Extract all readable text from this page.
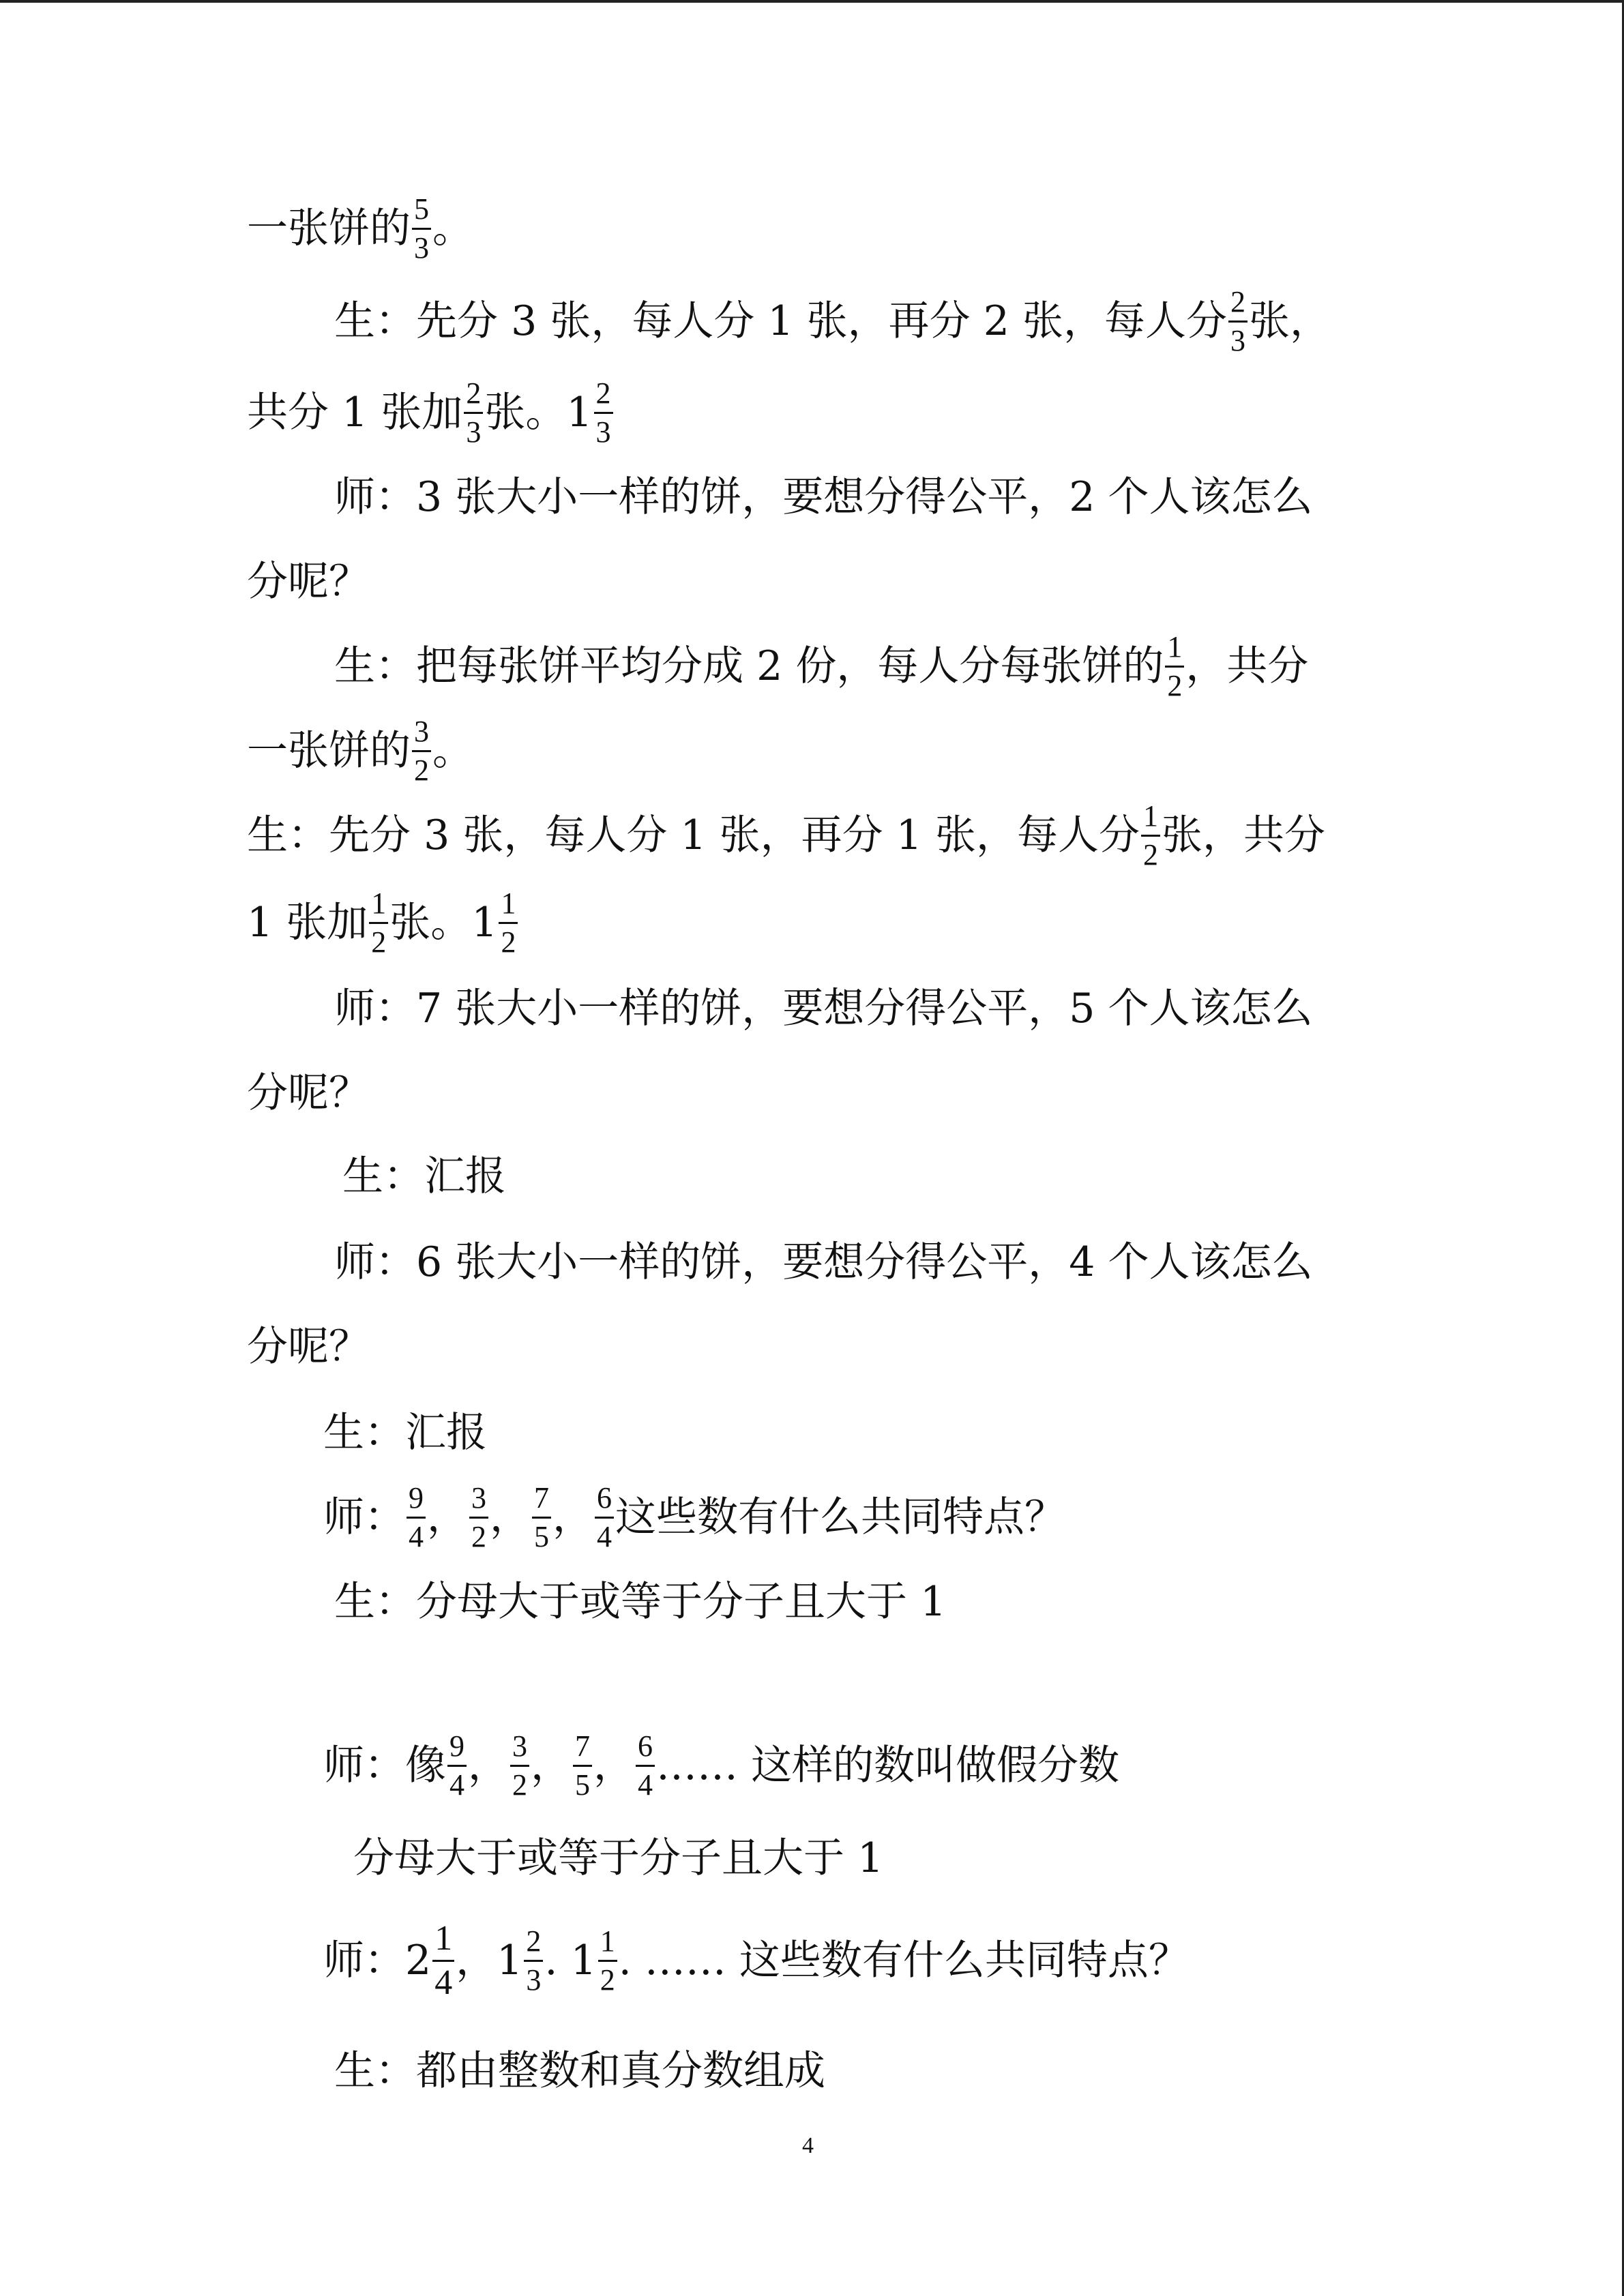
一张饼的 $\frac{5}{3}$ 。
生：先分 3 张，每人分 1 张，再分 2 张，每人分 $\frac{2}{3}$ 张，
共分 1 张加 $\frac{2}{3}$ 张。$1 \frac{2}{3}$
师：3 张大小一样的饼，要想分得公平，2 个人该怎么
分呢？
生：把每张饼平均分成 2 份，每人分每张饼的 $\frac{1}{2}$ ，共分
一张饼的 $\frac{3}{2}$ 。
生：先分 3 张，每人分 1 张，再分 1 张，每人分 $\frac{1}{2}$ 张，共分
1 张加 $\frac{1}{2}$ 张。$1 \frac{1}{2}$
师：7 张大小一样的饼，要想分得公平，5 个人该怎么
分呢？
生：汇报
师：6 张大小一样的饼，要想分得公平，4 个人该怎么
分呢？
生：汇报
师： $\frac{9}{4}$ ， $\frac{3}{2}$ ， $\frac{7}{5}$ ， $\frac{6}{4}$ 这些数有什么共同特点？
生：分母大于或等于分子且大于 1
师：像 $\frac{9}{4}$ ， $\frac{3}{2}$ ， $\frac{7}{5}$ ， $\frac{6}{4}$ …… 这样的数叫做假分数
分母大于或等于分子且大于 1
师：$2 \frac{1}{4}$ ，$1 \frac{2}{3}$ . $1 \frac{1}{2}$ . …… 这些数有什么共同特点？
生：都由整数和真分数组成
4
